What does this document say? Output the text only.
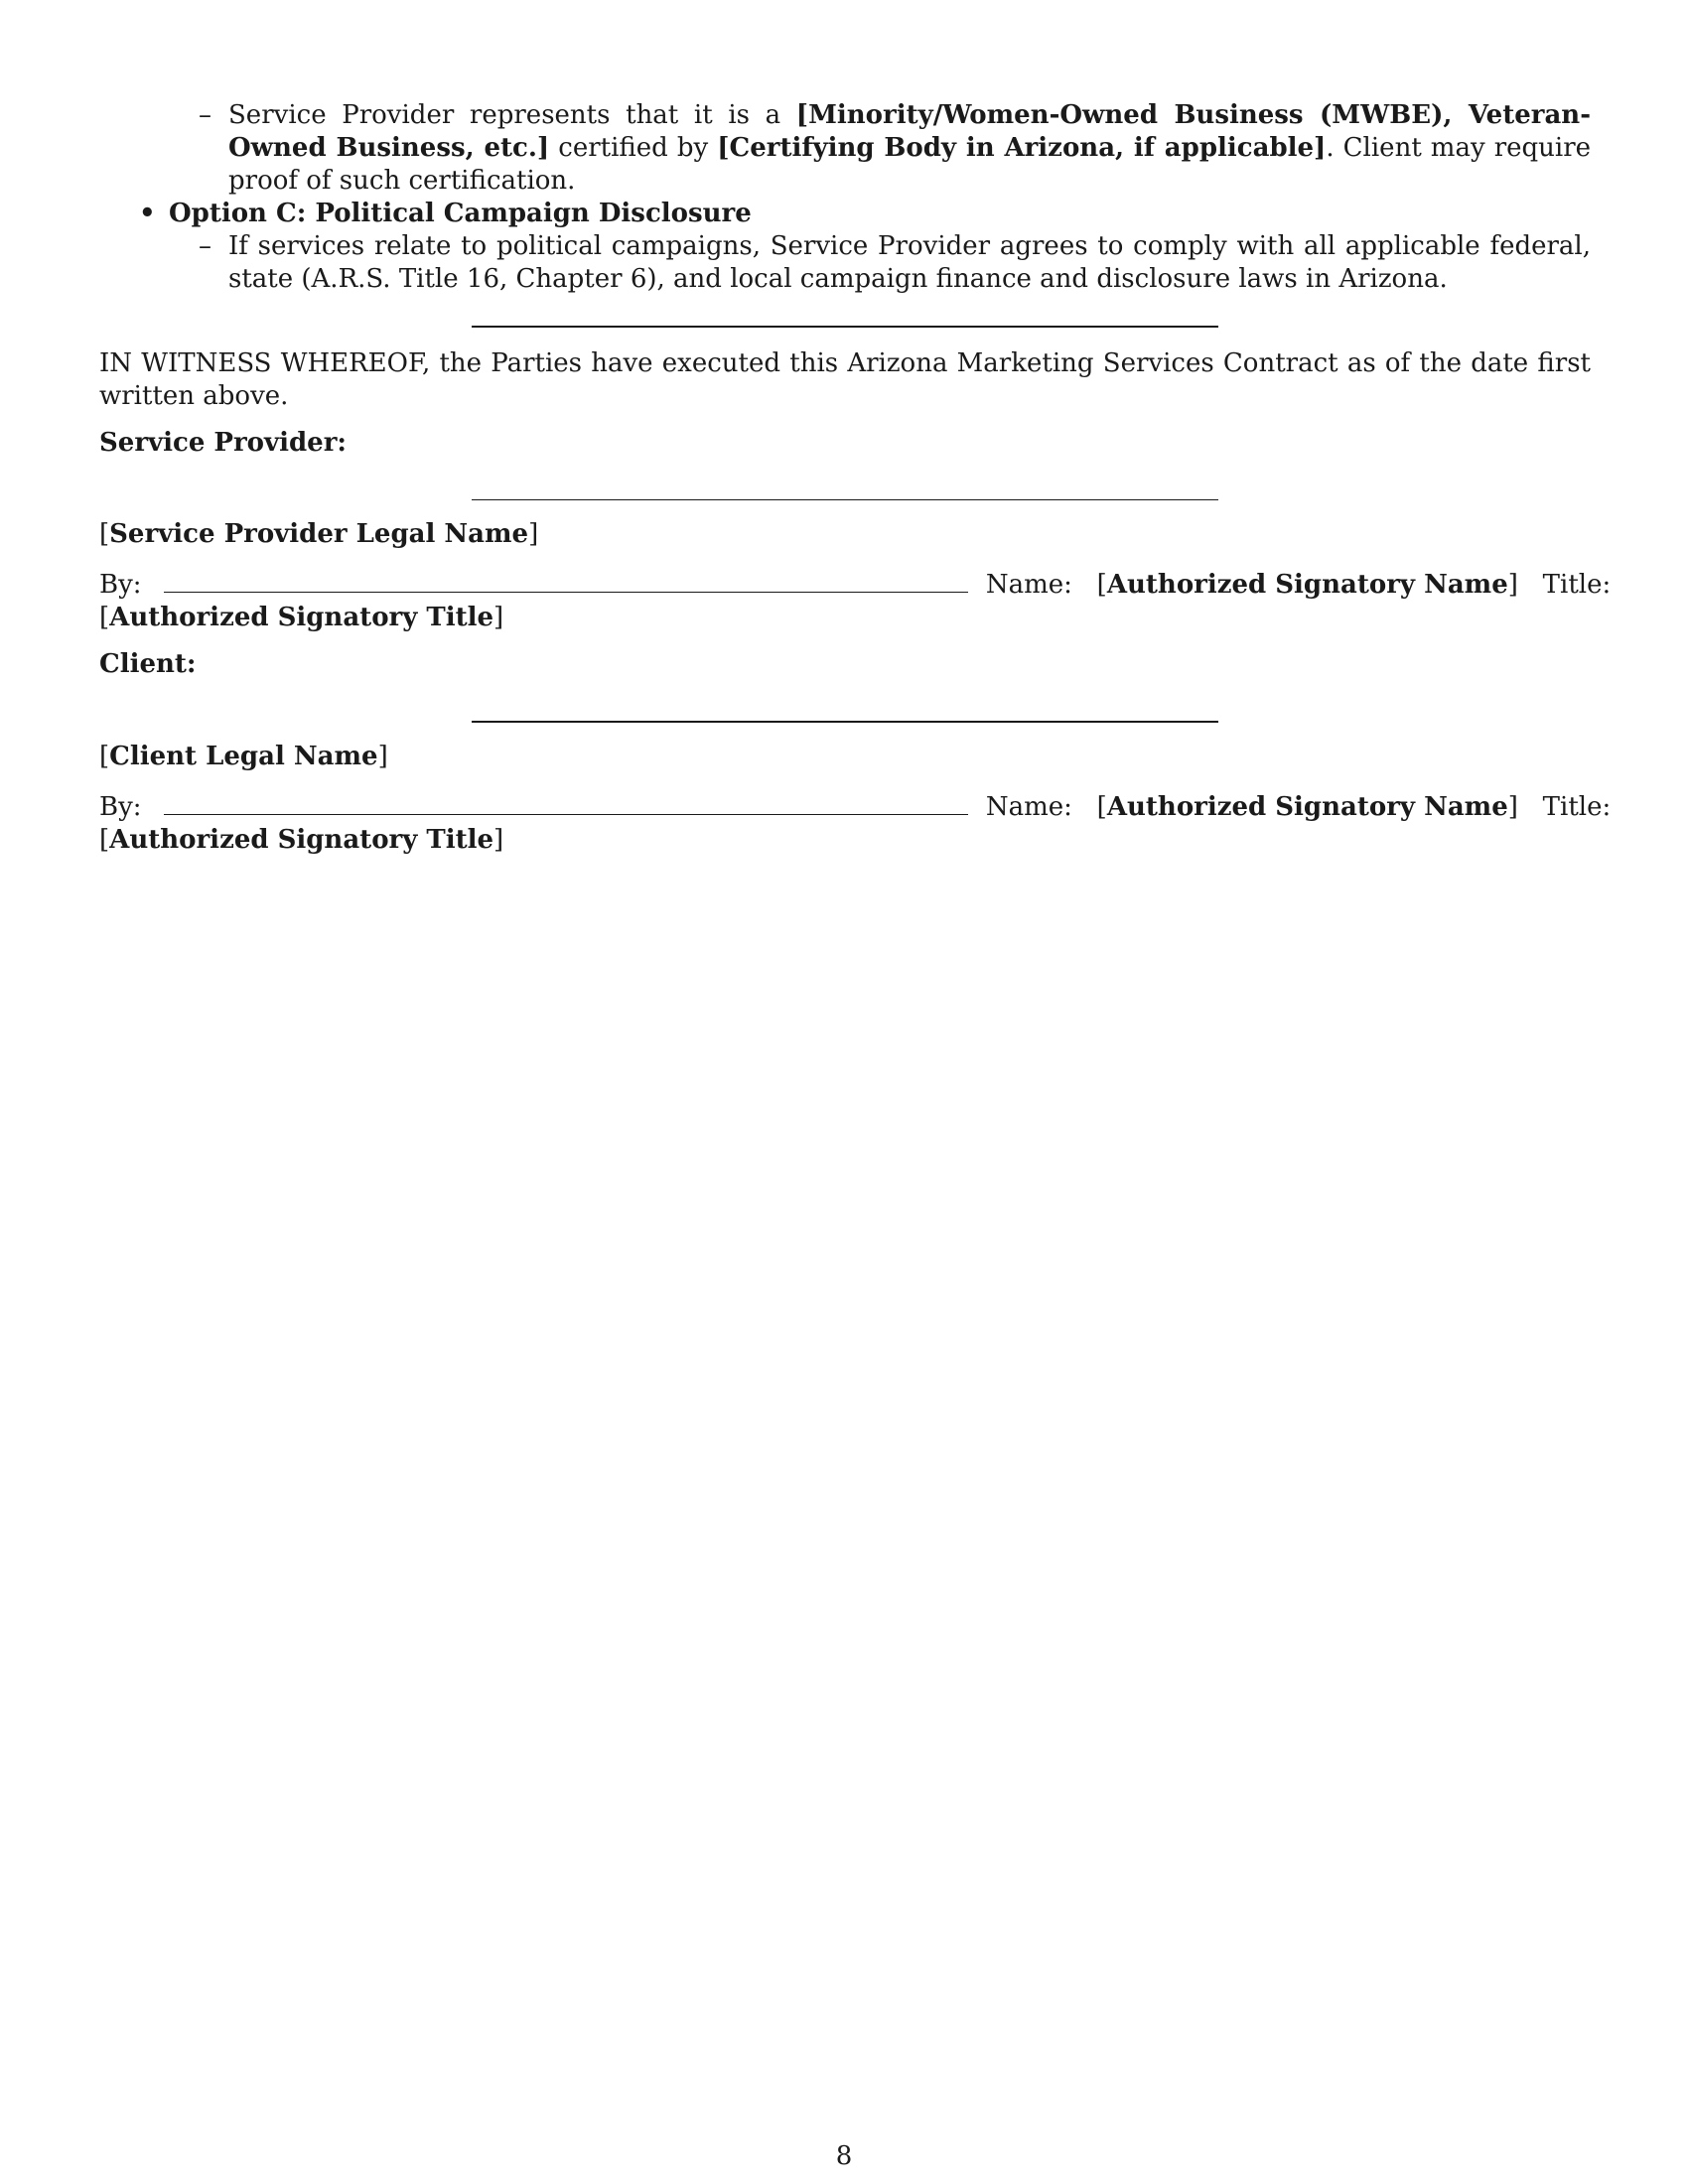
– Service Provider represents that it is a [Minority/Women-Owned Business (MWBE), Veteran-Owned Business, etc.] certified by [Certifying Body in Arizona, if applicable]. Client may require proof of such certification.
• Option C: Political Campaign Disclosure
– If services relate to political campaigns, Service Provider agrees to comply with all applicable federal, state (A.R.S. Title 16, Chapter 6), and local campaign finance and disclosure laws in Arizona.

IN WITNESS WHEREOF, the Parties have executed this Arizona Marketing Services Contract as of the date first written above.

Service Provider:

[Service Provider Legal Name]

By:	Name:   [Authorized Signatory Name]   Title:

[Authorized Signatory Title]

Client:

[Client Legal Name]

By:	Name:   [Authorized Signatory Name]   Title:

[Authorized Signatory Title]

8
